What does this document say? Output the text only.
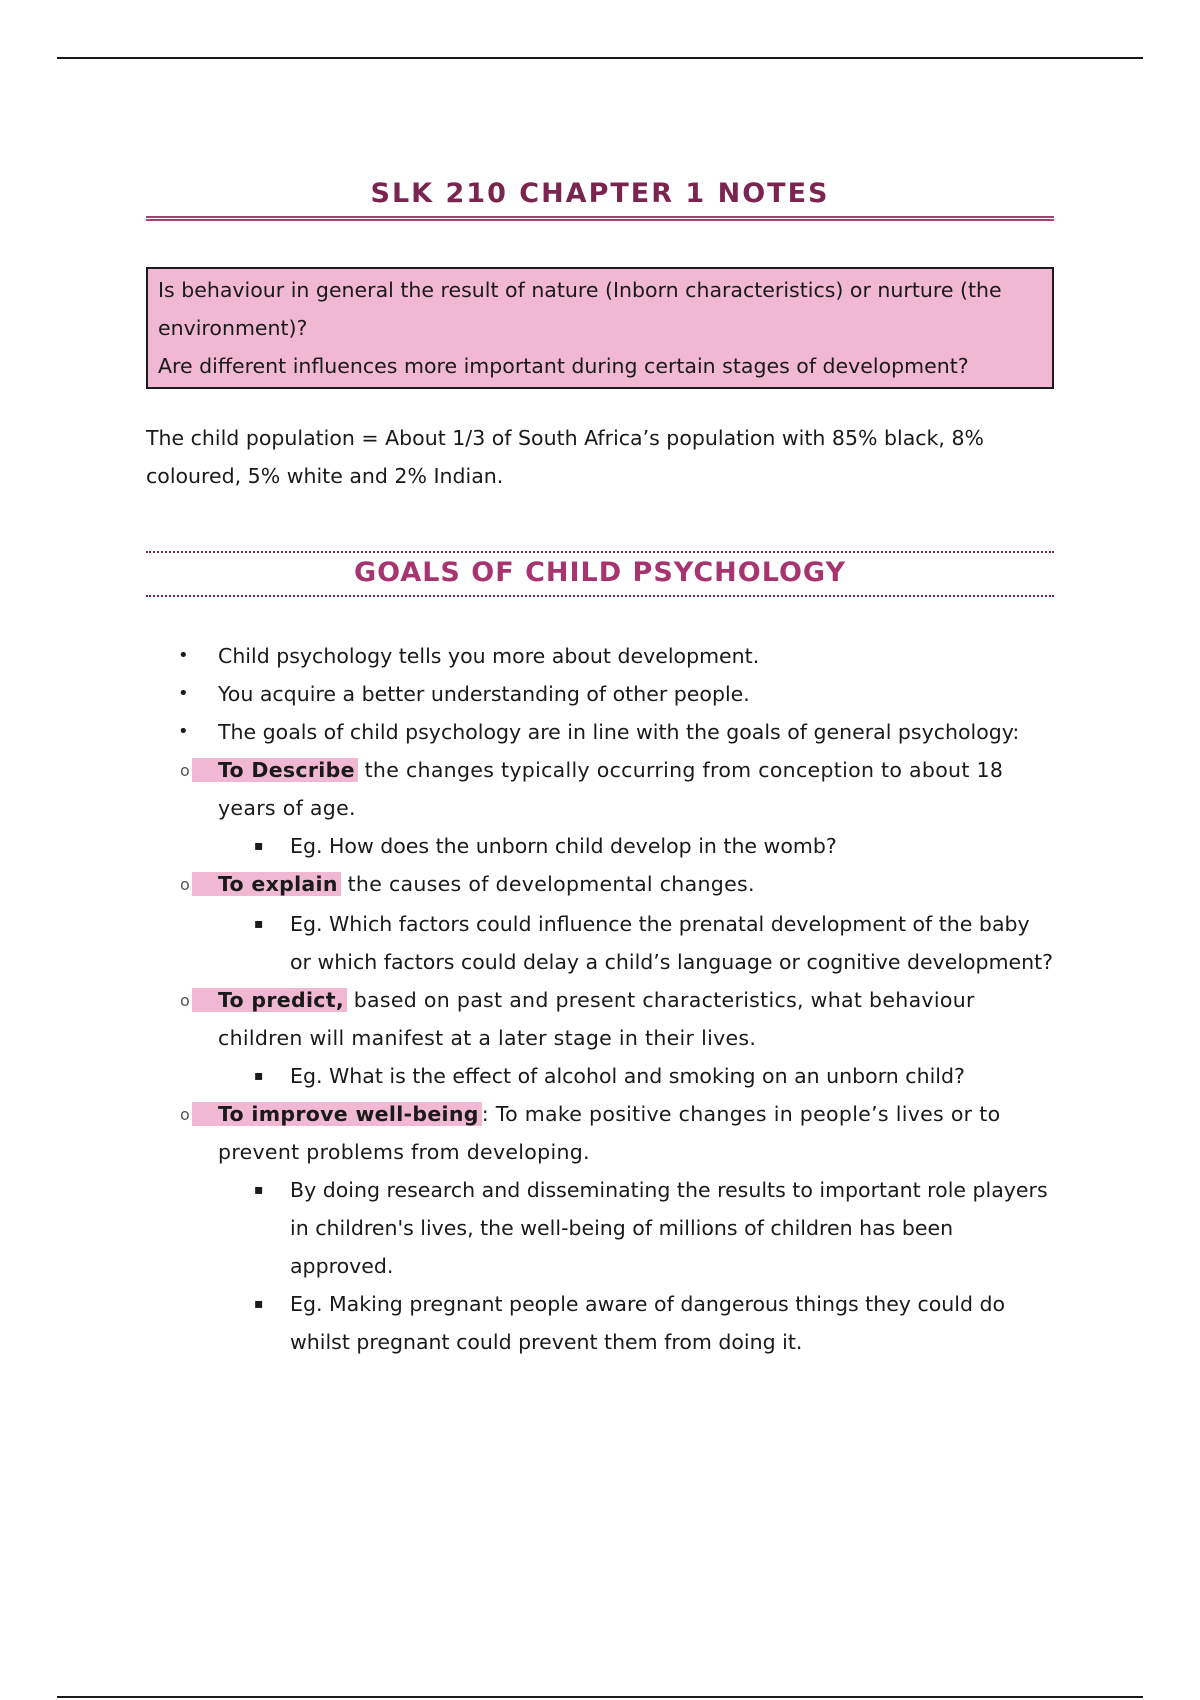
SLK 210 CHAPTER 1 NOTES

Is behaviour in general the result of nature (Inborn characteristics) or nurture (the environment)?

Are different influences more important during certain stages of development?

The child population = About 1/3 of South Africa’s population with 85% black, 8% coloured, 5% white and 2% Indian.

GOALS OF CHILD PSYCHOLOGY
• Child psychology tells you more about development.
• You acquire a better understanding of other people.
• The goals of child psychology are in line with the goals of general psychology:
o To Describe the changes typically occurring from conception to about 18 years of age.
▪ Eg. How does the unborn child develop in the womb?
o To explain the causes of developmental changes.
▪ Eg. Which factors could influence the prenatal development of the baby or which factors could delay a child’s language or cognitive development?
o To predict, based on past and present characteristics, what behaviour children will manifest at a later stage in their lives.
▪ Eg. What is the effect of alcohol and smoking on an unborn child?
o To improve well-being : To make positive changes in people’s lives or to prevent problems from developing.
▪ By doing research and disseminating the results to important role players in children's lives, the well-being of millions of children has been approved.
▪ Eg. Making pregnant people aware of dangerous things they could do whilst pregnant could prevent them from doing it.
